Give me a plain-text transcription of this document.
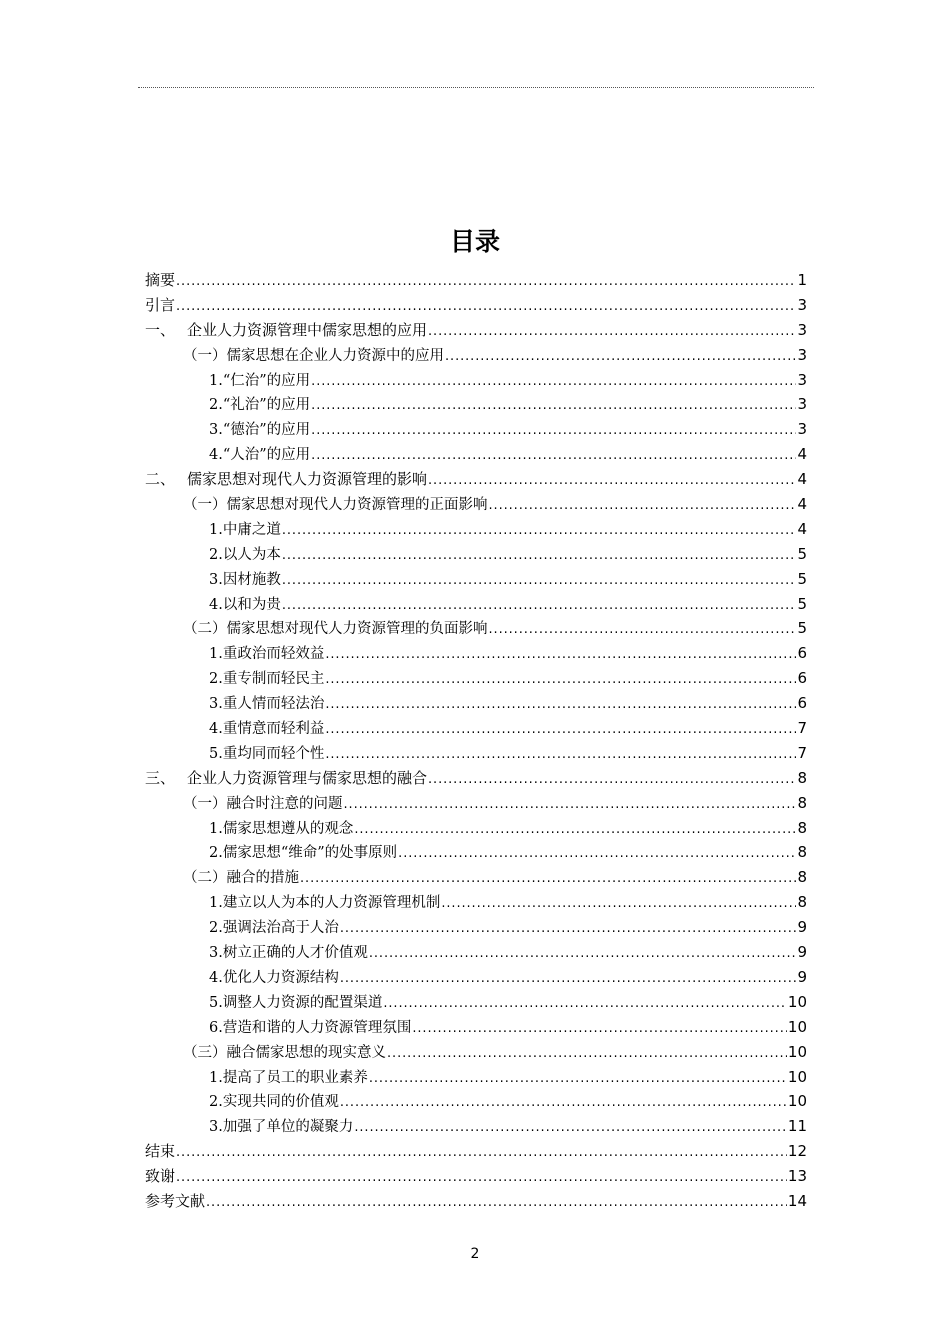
目录
摘要 .....	1
引言 .....	3
一、 企业人力资源管理中儒家思想的应用 .....	3
（一）儒家思想在企业人力资源中的应用 .....	3
1.“仁治”的应用 .....	3
2.“礼治”的应用 .....	3
3.“德治”的应用 .....	3
4.“人治”的应用 .....	4
二、 儒家思想对现代人力资源管理的影响 .....	4
（一）儒家思想对现代人力资源管理的正面影响 .....	4
1.中庸之道 .....	4
2.以人为本 .....	5
3.因材施教 .....	5
4.以和为贵 .....	5
（二）儒家思想对现代人力资源管理的负面影响 .....	5
1.重政治而轻效益 .....	6
2.重专制而轻民主 .....	6
3.重人情而轻法治 .....	6
4.重情意而轻利益 .....	7
5.重均同而轻个性 .....	7
三、 企业人力资源管理与儒家思想的融合 .....	8
（一）融合时注意的问题 .....	8
1.儒家思想遵从的观念 .....	8
2.儒家思想“维命”的处事原则 .....	8
（二）融合的措施 .....	8
1.建立以人为本的人力资源管理机制 .....	8
2.强调法治高于人治 .....	9
3.树立正确的人才价值观 .....	9
4.优化人力资源结构 .....	9
5.调整人力资源的配置渠道 .....	10
6.营造和谐的人力资源管理氛围 .....	10
（三）融合儒家思想的现实意义 .....	10
1.提高了员工的职业素养 .....	10
2.实现共同的价值观 .....	10
3.加强了单位的凝聚力 .....	11
结束 .....	12
致谢 .....	13
参考文献 .....	14
2
